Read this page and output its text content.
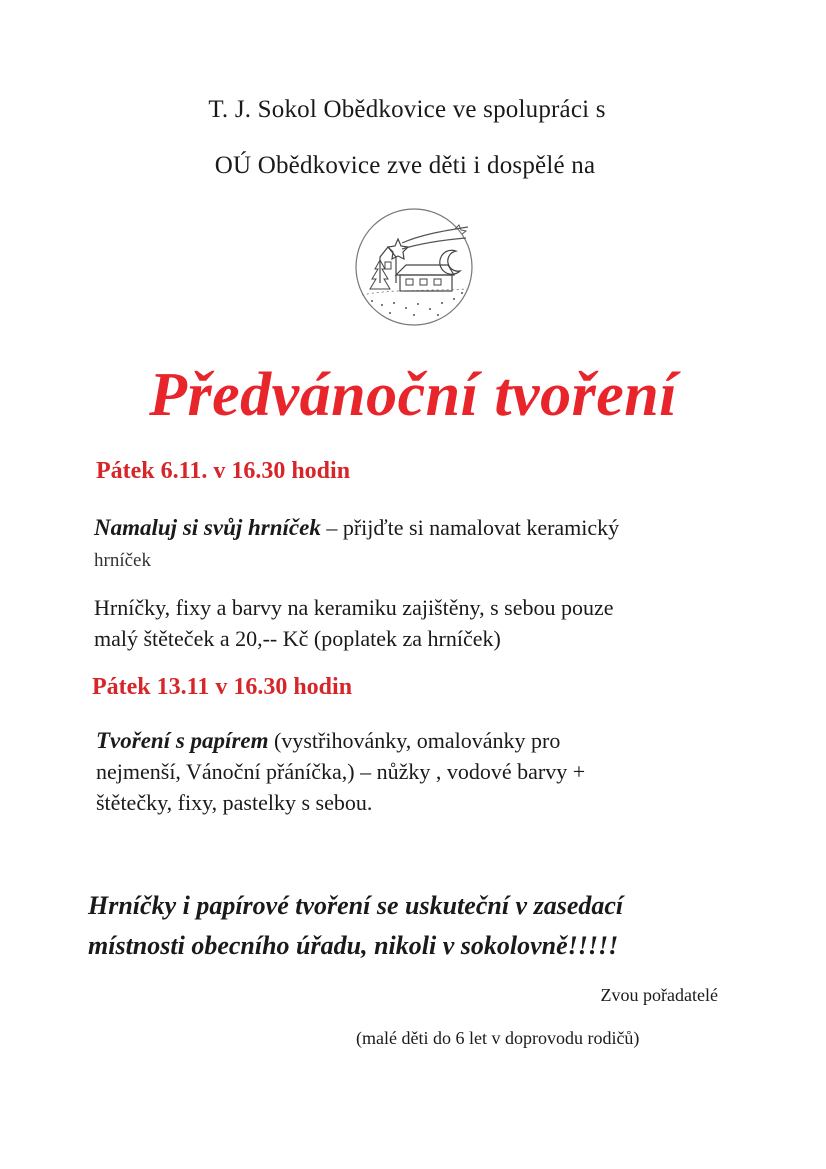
T. J. Sokol Obědkovice ve spolupráci s
OÚ Obědkovice zve děti i dospělé na
Předvánoční tvoření
Pátek 6.11. v 16.30 hodin
Namaluj si svůj hrníček – přijďte si namalovat keramický
hrníček
Hrníčky, fixy a barvy na keramiku zajištěny, s sebou pouze
malý štěteček a 20,-- Kč (poplatek za hrníček)
Pátek 13.11 v 16.30 hodin
Tvoření s papírem (vystřihovánky, omalovánky pro
nejmenší, Vánoční přáníčka,) – nůžky , vodové barvy +
štětečky, fixy, pastelky s sebou.
Hrníčky i papírové tvoření se uskuteční v zasedací
místnosti obecního úřadu, nikoli v sokolovně!!!!!
Zvou pořadatelé
(malé děti do 6 let v doprovodu rodičů)
